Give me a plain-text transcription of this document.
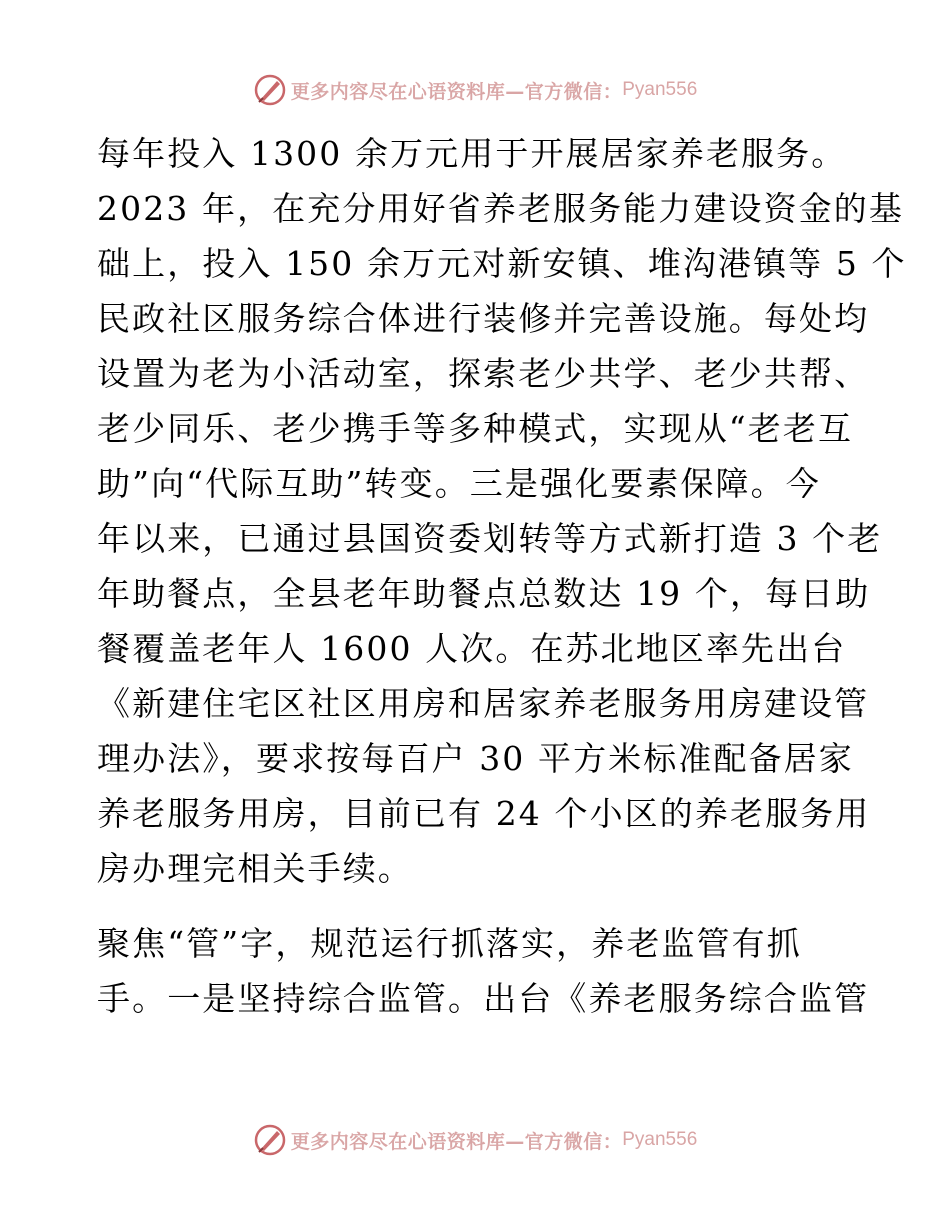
更多内容尽在心语资料库—官方微信： Pyan556
每年投入 1300 余万元用于开展居家养老服务。
2023 年，在充分用好省养老服务能力建设资金的基
础上，投入 150 余万元对新安镇、堆沟港镇等 5 个
民政社区服务综合体进行装修并完善设施。每处均
设置为老为小活动室，探索老少共学、老少共帮、
老少同乐、老少携手等多种模式，实现从“老老互
助”向“代际互助”转变。三是强化要素保障。今
年以来，已通过县国资委划转等方式新打造 3 个老
年助餐点，全县老年助餐点总数达 19 个，每日助
餐覆盖老年人 1600 人次。在苏北地区率先出台
《新建住宅区社区用房和居家养老服务用房建设管
理办法》，要求按每百户 30 平方米标准配备居家
养老服务用房，目前已有 24 个小区的养老服务用
房办理完相关手续。
聚焦“管”字，规范运行抓落实，养老监管有抓
手。一是坚持综合监管。出台《养老服务综合监管
更多内容尽在心语资料库—官方微信： Pyan556
